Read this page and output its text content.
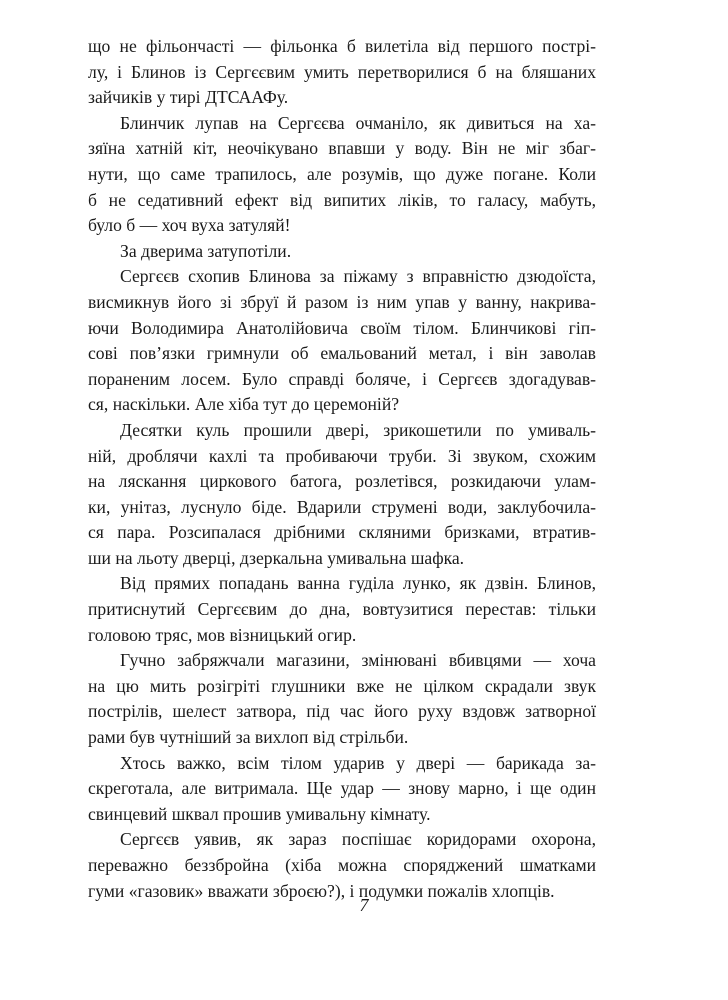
що не фільончасті — фільонка б вилетіла від першого пострі-
лу, і Блинов із Сергєєвим умить перетворилися б на бляшаних
зайчиків у тирі ДТСААФу.
Блинчик лупав на Сергєєва очманіло, як дивиться на ха-
зяїна хатній кіт, неочікувано впавши у воду. Він не міг збаг-
нути, що саме трапилось, але розумів, що дуже погане. Коли
б не седативний ефект від випитих ліків, то галасу, мабуть,
було б — хоч вуха затуляй!
За дверима затупотіли.
Сергєєв схопив Блинова за піжаму з вправністю дзюдоїста,
висмикнув його зі збруї й разом із ним упав у ванну, накрива-
ючи Володимира Анатолійовича своїм тілом. Блинчикові гіп-
сові пов’язки гримнули об емальований метал, і він заволав
пораненим лосем. Було справді боляче, і Сергєєв здогадував-
ся, наскільки. Але хіба тут до церемоній?
Десятки куль прошили двері, зрикошетили по умиваль-
ній, дроблячи кахлі та пробиваючи труби. Зі звуком, схожим
на ляскання циркового батога, розлетівся, розкидаючи улам-
ки, унітаз, луснуло біде. Вдарили струмені води, заклубочила-
ся пара. Розсипалася дрібними скляними бризками, втратив-
ши на льоту дверці, дзеркальна умивальна шафка.
Від прямих попадань ванна гуділа лунко, як дзвін. Блинов,
притиснутий Сергєєвим до дна, вовтузитися перестав: тільки
головою тряс, мов візницький огир.
Гучно забряжчали магазини, змінювані вбивцями — хоча
на цю мить розігріті глушники вже не цілком скрадали звук
пострілів, шелест затвора, під час його руху вздовж затворної
рами був чутніший за вихлоп від стрільби.
Хтось важко, всім тілом ударив у двері — барикада за-
скреготала, але витримала. Ще удар — знову марно, і ще один
свинцевий шквал прошив умивальну кімнату.
Сергєєв уявив, як зараз поспішає коридорами охорона,
переважно беззбройна (хіба можна споряджений шматками
гуми «газовик» вважати зброєю?), і подумки пожалів хлопців.
7
